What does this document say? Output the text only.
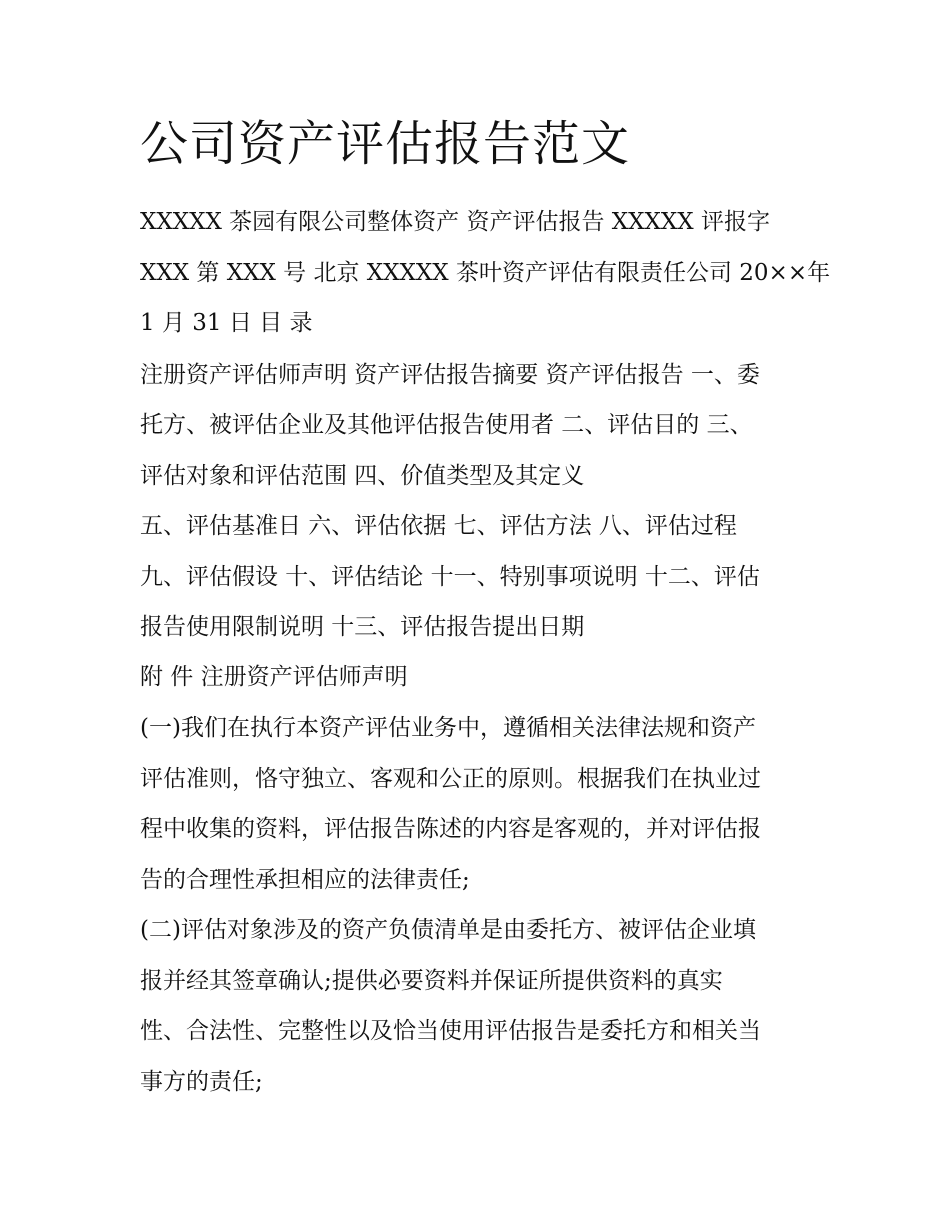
公司资产评估报告范文

XXXXX 茶园有限公司整体资产 资产评估报告 XXXXX 评报字

XXX 第 XXX 号 北京 XXXXX 茶叶资产评估有限责任公司 20××年

1 月 31 日 目 录

注册资产评估师声明 资产评估报告摘要 资产评估报告 一、委

托方、被评估企业及其他评估报告使用者 二、评估目的 三、

评估对象和评估范围 四、价值类型及其定义

五、评估基准日 六、评估依据 七、评估方法 八、评估过程

九、评估假设 十、评估结论 十一、特别事项说明 十二、评估

报告使用限制说明 十三、评估报告提出日期

附 件 注册资产评估师声明

(一)我们在执行本资产评估业务中，遵循相关法律法规和资产

评估准则，恪守独立、客观和公正的原则。根据我们在执业过

程中收集的资料，评估报告陈述的内容是客观的，并对评估报

告的合理性承担相应的法律责任;

(二)评估对象涉及的资产负债清单是由委托方、被评估企业填

报并经其签章确认;提供必要资料并保证所提供资料的真实

性、合法性、完整性以及恰当使用评估报告是委托方和相关当

事方的责任;
